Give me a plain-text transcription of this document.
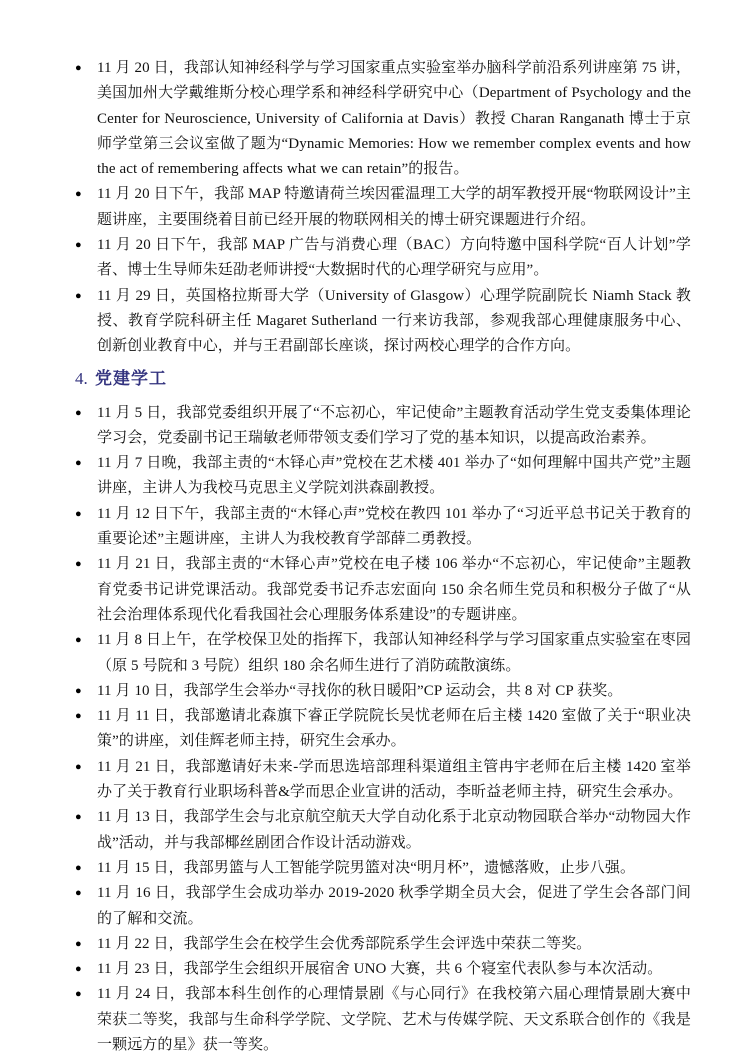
●	11 月 20 日，我部认知神经科学与学习国家重点实验室举办脑科学前沿系列讲座第 75 讲，美国加州大学戴维斯分校心理学系和神经科学研究中心（Department of Psychology and the Center for Neuroscience, University of California at Davis）教授 Charan Ranganath 博士于京师学堂第三会议室做了题为“Dynamic Memories: How we remember complex events and how the act of remembering affects what we can retain”的报告。
●	11 月 20 日下午，我部 MAP 特邀请荷兰埃因霍温理工大学的胡军教授开展“物联网设计”主题讲座，主要围绕着目前已经开展的物联网相关的博士研究课题进行介绍。
●	11 月 20 日下午，我部 MAP 广告与消费心理（BAC）方向特邀中国科学院“百人计划”学者、博士生导师朱廷劭老师讲授“大数据时代的心理学研究与应用”。
●	11 月 29 日，英国格拉斯哥大学（University of Glasgow）心理学院副院长 Niamh Stack 教授、教育学院科研主任 Magaret Sutherland 一行来访我部，参观我部心理健康服务中心、创新创业教育中心，并与王君副部长座谈，探讨两校心理学的合作方向。
4. 党建学工
●	11 月 5 日，我部党委组织开展了“不忘初心，牢记使命”主题教育活动学生党支委集体理论学习会，党委副书记王瑞敏老师带领支委们学习了党的基本知识，以提高政治素养。
●	11 月 7 日晚，我部主责的“木铎心声”党校在艺术楼 401 举办了“如何理解中国共产党”主题讲座，主讲人为我校马克思主义学院刘洪森副教授。
●	11 月 12 日下午，我部主责的“木铎心声”党校在教四 101 举办了“习近平总书记关于教育的重要论述”主题讲座，主讲人为我校教育学部薛二勇教授。
●	11 月 21 日，我部主责的“木铎心声”党校在电子楼 106 举办“不忘初心，牢记使命”主题教育党委书记讲党课活动。我部党委书记乔志宏面向 150 余名师生党员和积极分子做了“从社会治理体系现代化看我国社会心理服务体系建设”的专题讲座。
●	11 月 8 日上午，在学校保卫处的指挥下，我部认知神经科学与学习国家重点实验室在枣园（原 5 号院和 3 号院）组织 180 余名师生进行了消防疏散演练。
●	11 月 10 日，我部学生会举办“寻找你的秋日暖阳”CP 运动会，共 8 对 CP 获奖。
●	11 月 11 日，我部邀请北森旗下睿正学院院长吴忧老师在后主楼 1420 室做了关于“职业决策”的讲座，刘佳辉老师主持，研究生会承办。
●	11 月 21 日，我部邀请好未来-学而思选培部理科渠道组主管冉宇老师在后主楼 1420 室举办了关于教育行业职场科普&学而思企业宣讲的活动，李昕益老师主持，研究生会承办。
●	11 月 13 日，我部学生会与北京航空航天大学自动化系于北京动物园联合举办“动物园大作战”活动，并与我部椰丝剧团合作设计活动游戏。
●	11 月 15 日，我部男篮与人工智能学院男篮对决“明月杯”，遗憾落败，止步八强。
●	11 月 16 日，我部学生会成功举办 2019-2020 秋季学期全员大会，促进了学生会各部门间的了解和交流。
●	11 月 22 日，我部学生会在校学生会优秀部院系学生会评选中荣获二等奖。
●	11 月 23 日，我部学生会组织开展宿舍 UNO 大赛，共 6 个寝室代表队参与本次活动。
●	11 月 24 日，我部本科生创作的心理情景剧《与心同行》在我校第六届心理情景剧大赛中荣获二等奖，我部与生命科学学院、文学院、艺术与传媒学院、天文系联合创作的《我是一颗远方的星》获一等奖。
